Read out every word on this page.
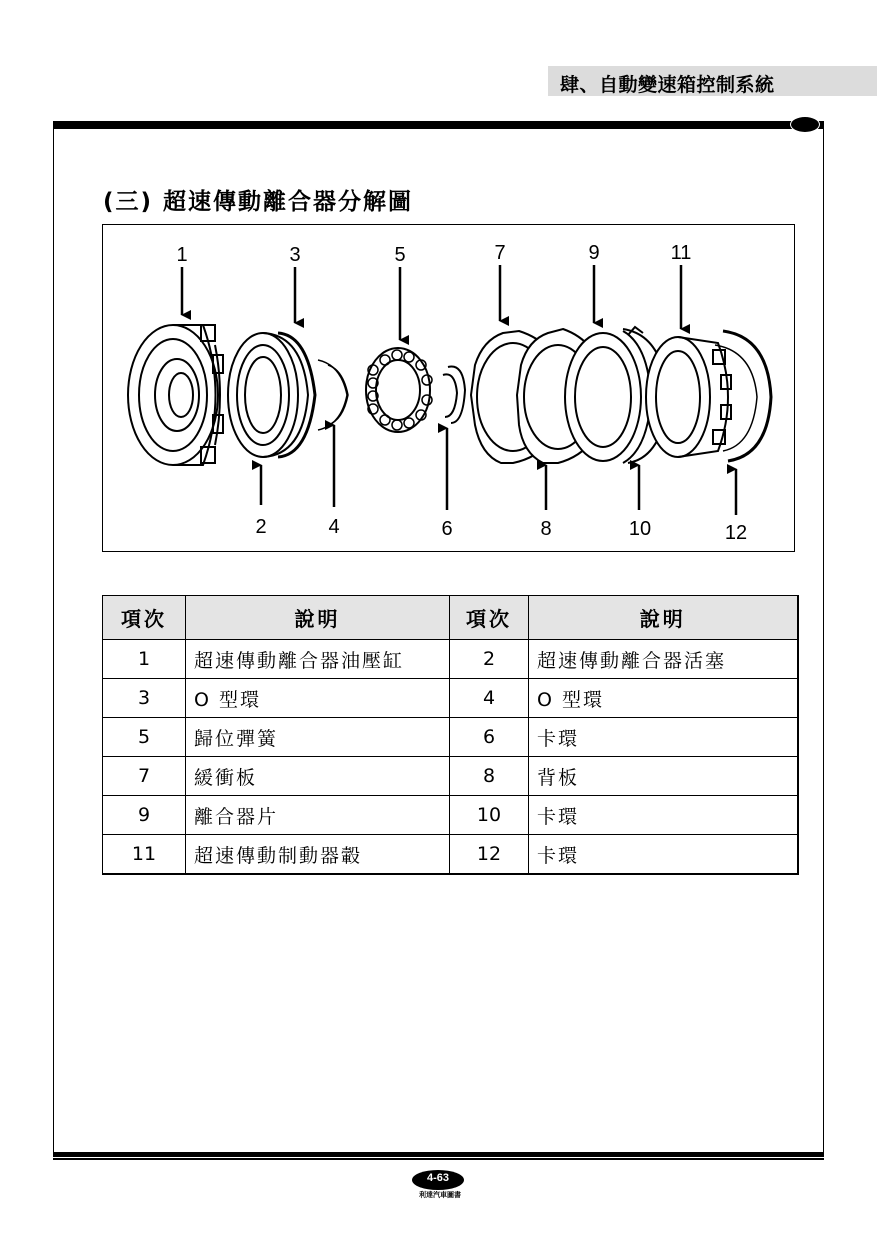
肆、自動變速箱控制系統
(三) 超速傳動離合器分解圖
1
2
3
4
5
6
7
8
9
10
11
12
項次	說明	項次	說明
1	超速傳動離合器油壓缸	2	超速傳動離合器活塞
3	O 型環	4	O 型環
5	歸位彈簧	6	卡環
7	緩衝板	8	背板
9	離合器片	10	卡環
11	超速傳動制動器轂	12	卡環
4-63
利達汽車圖書
